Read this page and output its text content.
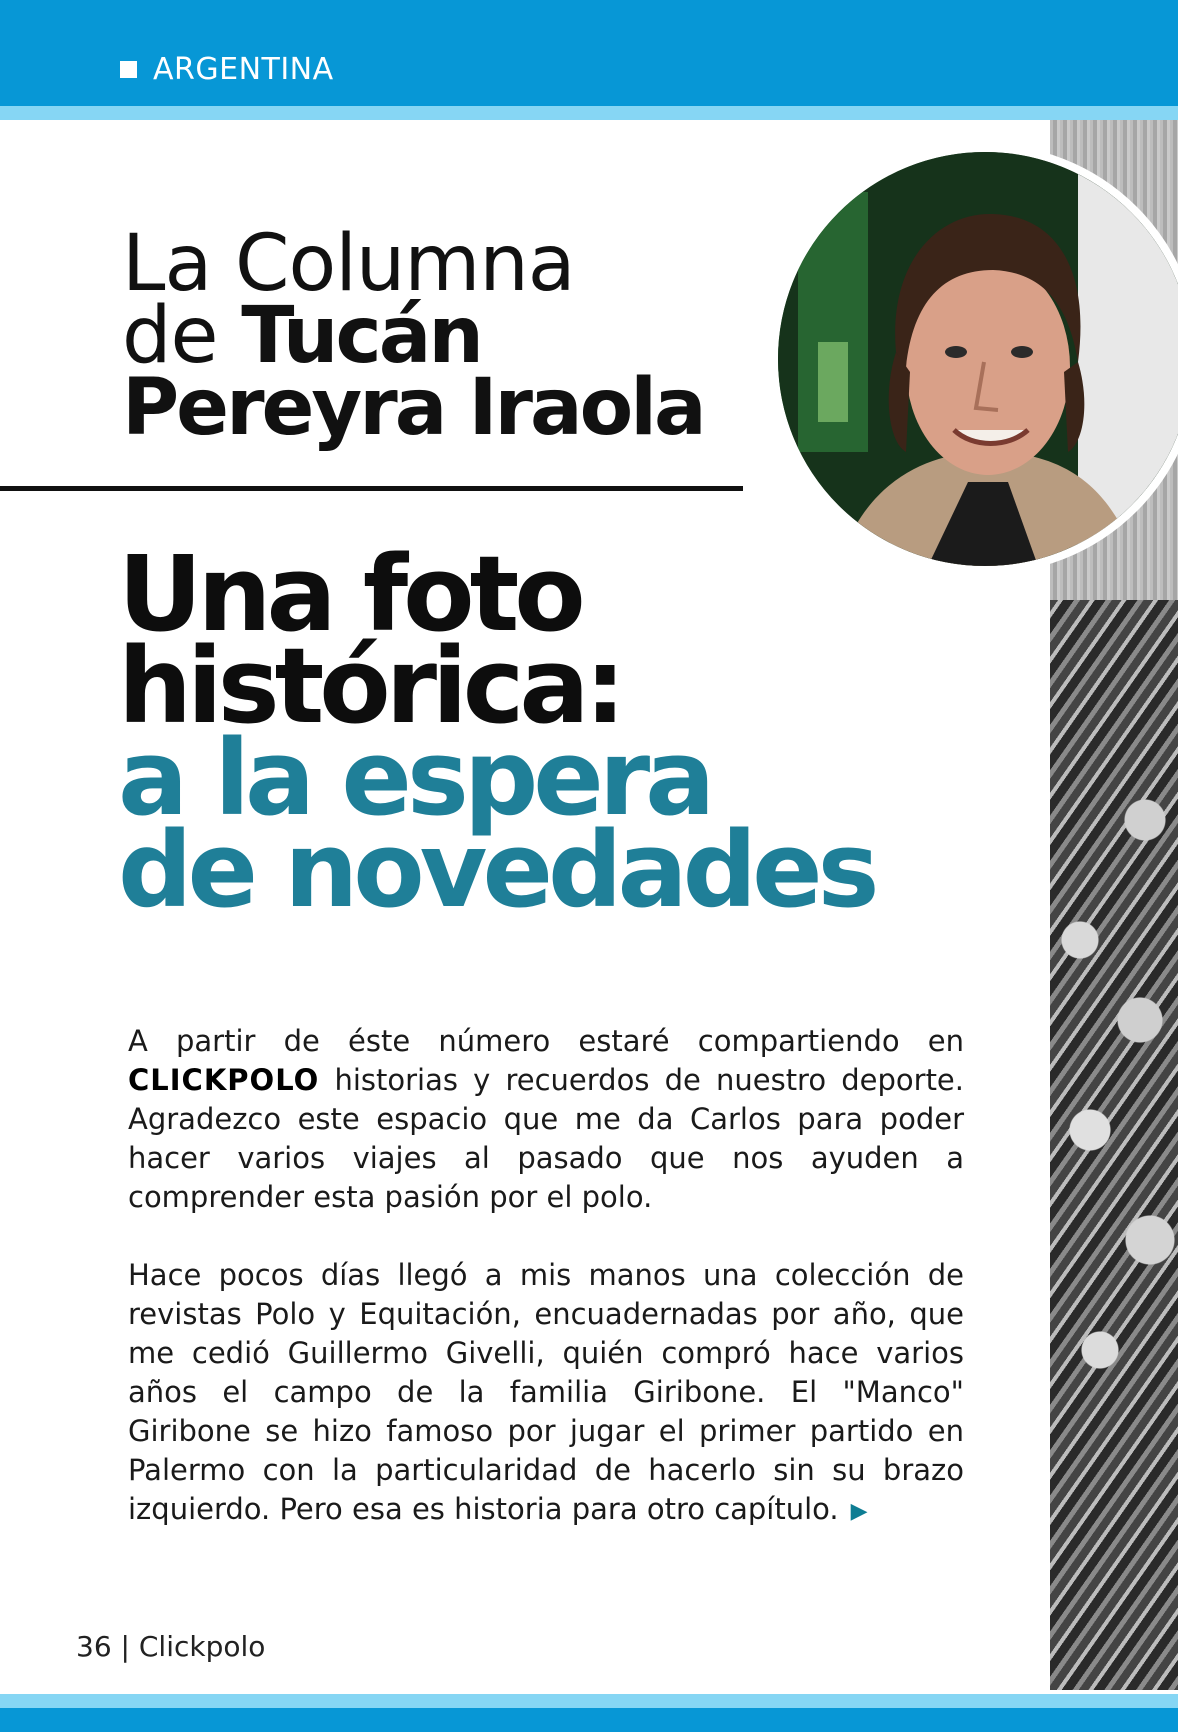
ARGENTINA
La Columna
de Tucán
Pereyra Iraola
Una foto
histórica:
a la espera
de novedades

A partir de éste número estaré compartiendo en CLICKPOLO historias y recuerdos de nuestro deporte. Agradezco este espacio que me da Carlos para poder hacer varios viajes al pasado que nos ayuden a comprender esta pasión por el polo.

Hace pocos días llegó a mis manos una colección de revistas Polo y Equitación, encuadernadas por año, que me cedió Guillermo Givelli, quién compró hace varios años el campo de la familia Giribone. El "Manco" Giribone se hizo famoso por jugar el primer partido en Palermo con la particularidad de hacerlo sin su brazo izquierdo. Pero esa es historia para otro capítulo. ▶

36 | Clickpolo
